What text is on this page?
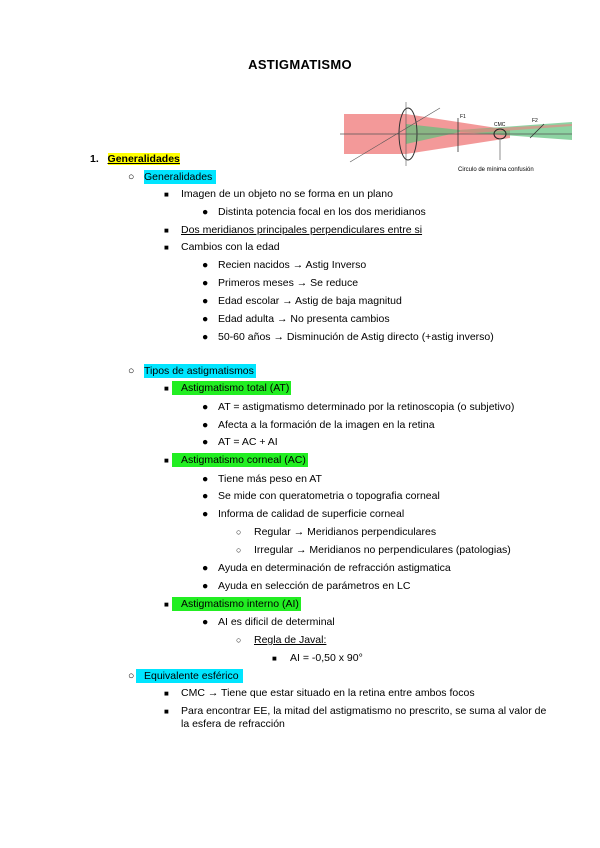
ASTIGMATISMO
CMC
F1
F2
Circulo de mínima confusión
1. Generalidades
○ Generalidades
■ Imagen de un objeto no se forma en un plano
● Distinta potencia focal en los dos meridianos
■ Dos meridianos principales perpendiculares entre si
■ Cambios con la edad
● Recien nacidos → Astig Inverso
● Primeros meses → Se reduce
● Edad escolar → Astig de baja magnitud
● Edad adulta → No presenta cambios
● 50-60 años → Disminución de Astig directo (+astig inverso)
○ Tipos de astigmatismos
■	Astigmatismo total (AT)
● AT = astigmatismo determinado por la retinoscopia (o subjetivo)
● Afecta a la formación de la imagen en la retina
● AT = AC + AI
■	Astigmatismo corneal (AC)
● Tiene más peso en AT
● Se mide con queratometria o topografia corneal
● Informa de calidad de superficie corneal
○ Regular → Meridianos perpendiculares
○ Irregular → Meridianos no perpendiculares (patologias)
● Ayuda en determinación de refracción astigmatica
● Ayuda en selección de parámetros en LC
■	Astigmatismo interno (AI)
● AI es dificil de determinal
○ Regla de Javal:
■ AI = -0,50 x 90°
○ Equivalente esférico
■ CMC → Tiene que estar situado en la retina entre ambos focos
■ Para encontrar EE, la mitad del astigmatismo no prescrito, se suma al valor de
la esfera de refracción
